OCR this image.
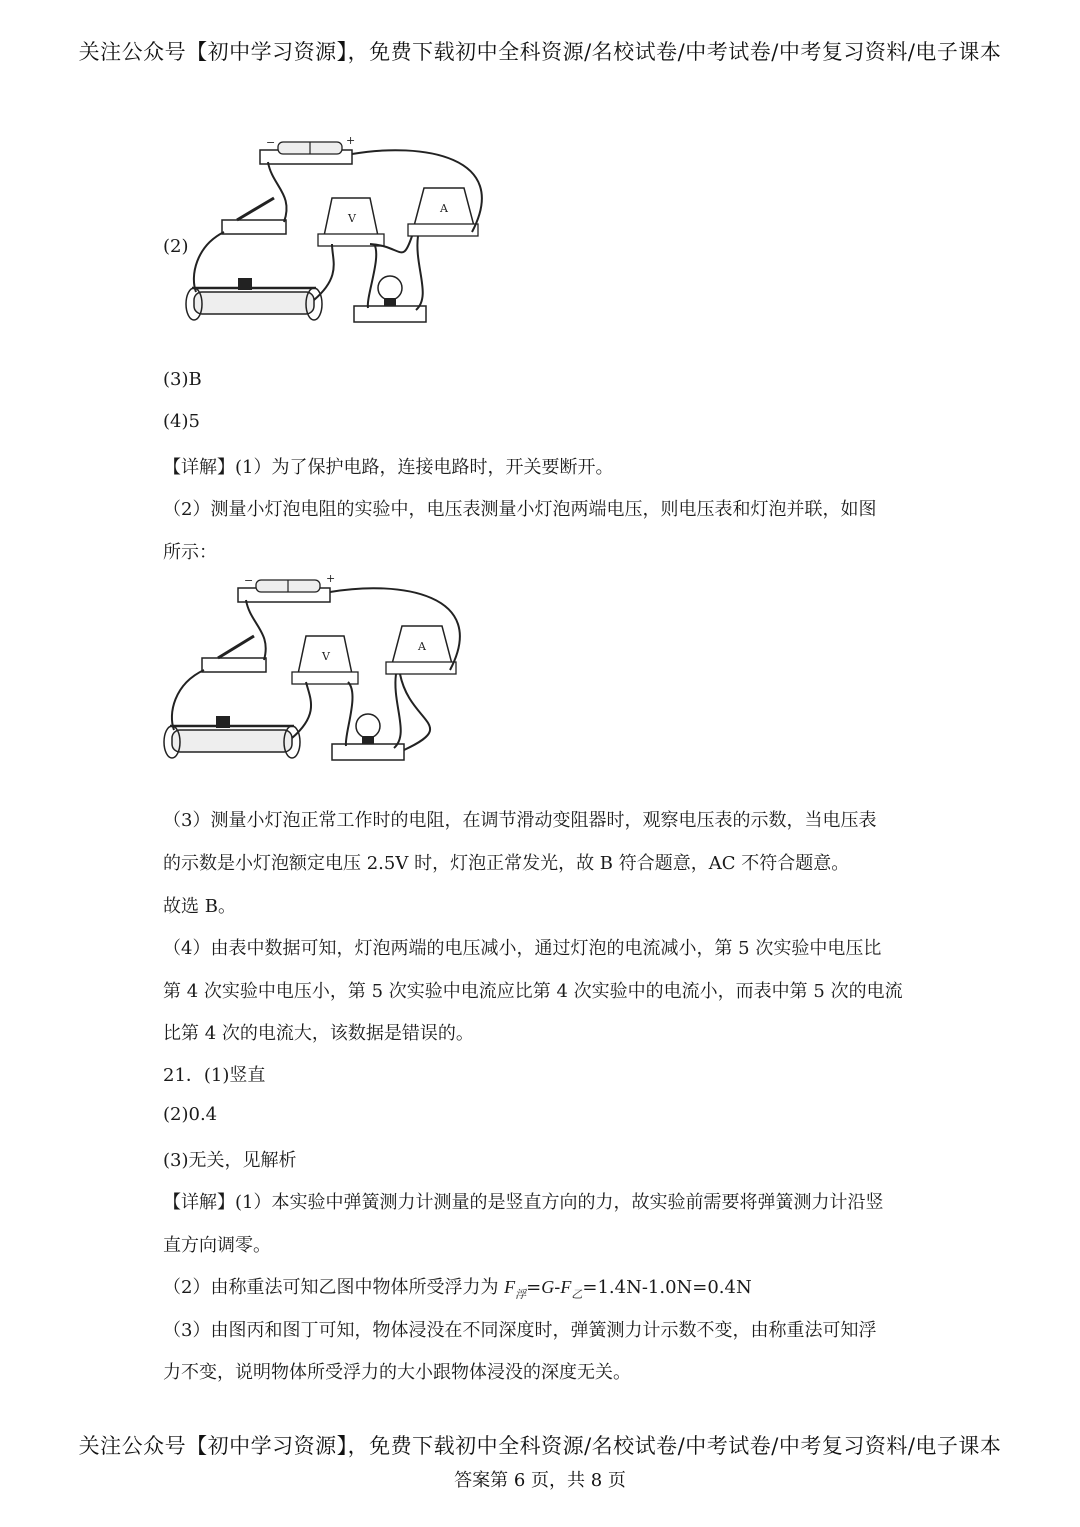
关注公众号【初中学习资源】，免费下载初中全科资源/名校试卷/中考试卷/中考复习资料/电子课本
(2)
−	+
V
A
(3)B
(4)5
【详解】(1）为了保护电路，连接电路时，开关要断开。
（2）测量小灯泡电阻的实验中，电压表测量小灯泡两端电压，则电压表和灯泡并联，如图
所示：
−	+
V
A
（3）测量小灯泡正常工作时的电阻，在调节滑动变阻器时，观察电压表的示数，当电压表
的示数是小灯泡额定电压 2.5V 时，灯泡正常发光，故 B 符合题意，AC 不符合题意。
故选 B。
（4）由表中数据可知，灯泡两端的电压减小，通过灯泡的电流减小，第 5 次实验中电压比
第 4 次实验中电压小，第 5 次实验中电流应比第 4 次实验中的电流小，而表中第 5 次的电流
比第 4 次的电流大，该数据是错误的。
21．(1)竖直
(2)0.4
(3)无关，见解析
【详解】(1）本实验中弹簧测力计测量的是竖直方向的力，故实验前需要将弹簧测力计沿竖
直方向调零。
（2）由称重法可知乙图中物体所受浮力为 $F_浮=G-F_乙=1.4N-1.0N=0.4N$
（3）由图丙和图丁可知，物体浸没在不同深度时，弹簧测力计示数不变，由称重法可知浮
力不变，说明物体所受浮力的大小跟物体浸没的深度无关。
关注公众号【初中学习资源】，免费下载初中全科资源/名校试卷/中考试卷/中考复习资料/电子课本
答案第 6 页，共 8 页
